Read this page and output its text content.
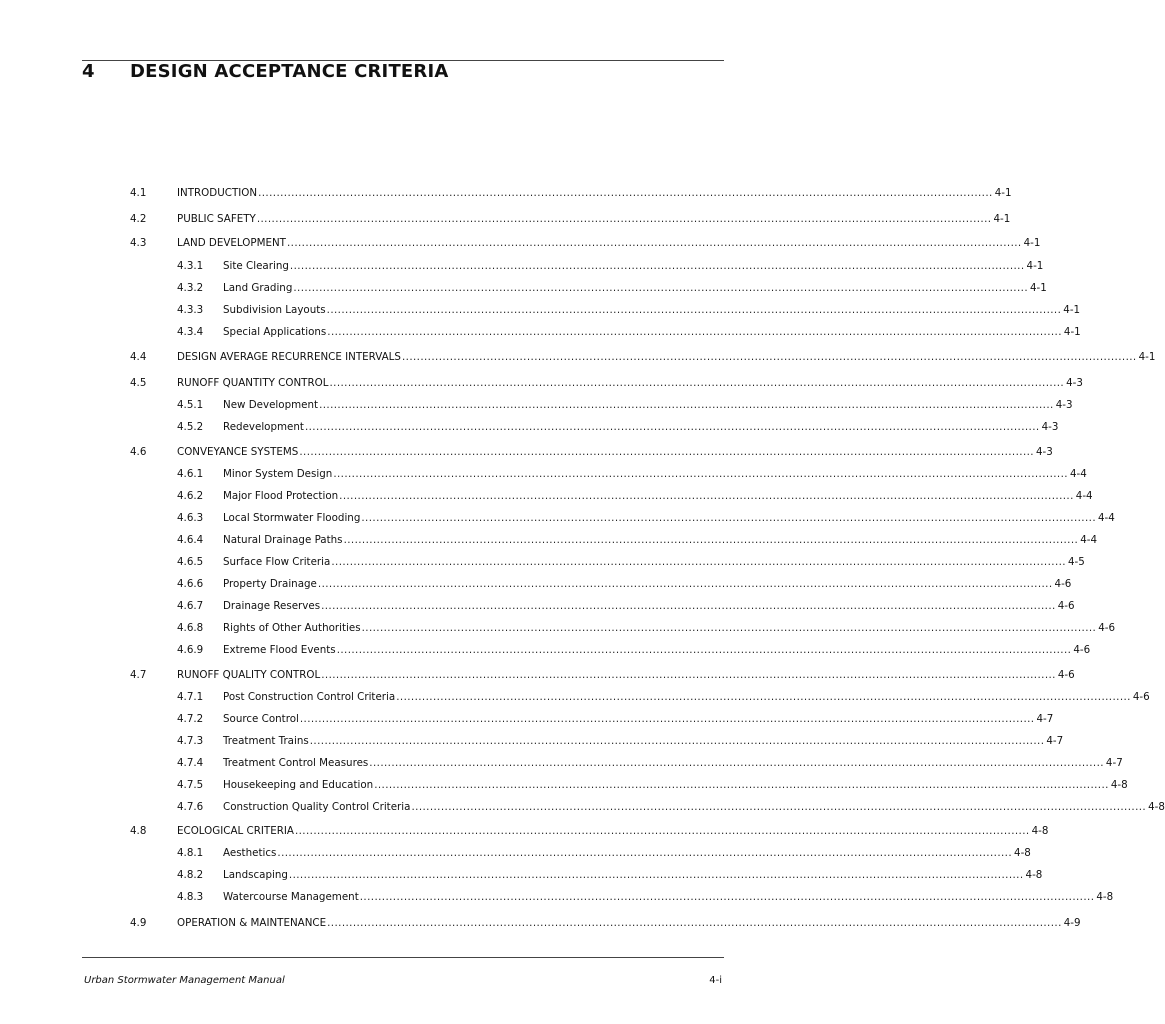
4 DESIGN ACCEPTANCE CRITERIA
4.1	INTRODUCTION ........................................................................................................................................................................................................ 4-1
4.2	PUBLIC SAFETY ........................................................................................................................................................................................................ 4-1
4.3	LAND DEVELOPMENT ........................................................................................................................................................................................................ 4-1
4.3.1 Site Clearing ........................................................................................................................................................................................................ 4-1
4.3.2 Land Grading ........................................................................................................................................................................................................ 4-1
4.3.3 Subdivision Layouts ........................................................................................................................................................................................................ 4-1
4.3.4 Special Applications ........................................................................................................................................................................................................ 4-1
4.4	DESIGN AVERAGE RECURRENCE INTERVALS ........................................................................................................................................................................................................ 4-1
4.5	RUNOFF QUANTITY CONTROL ........................................................................................................................................................................................................ 4-3
4.5.1 New Development ........................................................................................................................................................................................................ 4-3
4.5.2 Redevelopment ........................................................................................................................................................................................................ 4-3
4.6	CONVEYANCE SYSTEMS ........................................................................................................................................................................................................ 4-3
4.6.1 Minor System Design ........................................................................................................................................................................................................ 4-4
4.6.2 Major Flood Protection ........................................................................................................................................................................................................ 4-4
4.6.3 Local Stormwater Flooding ........................................................................................................................................................................................................ 4-4
4.6.4 Natural Drainage Paths ........................................................................................................................................................................................................ 4-4
4.6.5 Surface Flow Criteria ........................................................................................................................................................................................................ 4-5
4.6.6 Property Drainage ........................................................................................................................................................................................................ 4-6
4.6.7 Drainage Reserves ........................................................................................................................................................................................................ 4-6
4.6.8 Rights of Other Authorities ........................................................................................................................................................................................................ 4-6
4.6.9 Extreme Flood Events ........................................................................................................................................................................................................ 4-6
4.7	RUNOFF QUALITY CONTROL ........................................................................................................................................................................................................ 4-6
4.7.1 Post Construction Control Criteria ........................................................................................................................................................................................................ 4-6
4.7.2 Source Control ........................................................................................................................................................................................................ 4-7
4.7.3 Treatment Trains ........................................................................................................................................................................................................ 4-7
4.7.4 Treatment Control Measures ........................................................................................................................................................................................................ 4-7
4.7.5 Housekeeping and Education ........................................................................................................................................................................................................ 4-8
4.7.6 Construction Quality Control Criteria ........................................................................................................................................................................................................ 4-8
4.8	ECOLOGICAL CRITERIA ........................................................................................................................................................................................................ 4-8
4.8.1 Aesthetics ........................................................................................................................................................................................................ 4-8
4.8.2 Landscaping ........................................................................................................................................................................................................ 4-8
4.8.3 Watercourse Management ........................................................................................................................................................................................................ 4-8
4.9	OPERATION & MAINTENANCE ........................................................................................................................................................................................................ 4-9
Urban Stormwater Management Manual	4-i
